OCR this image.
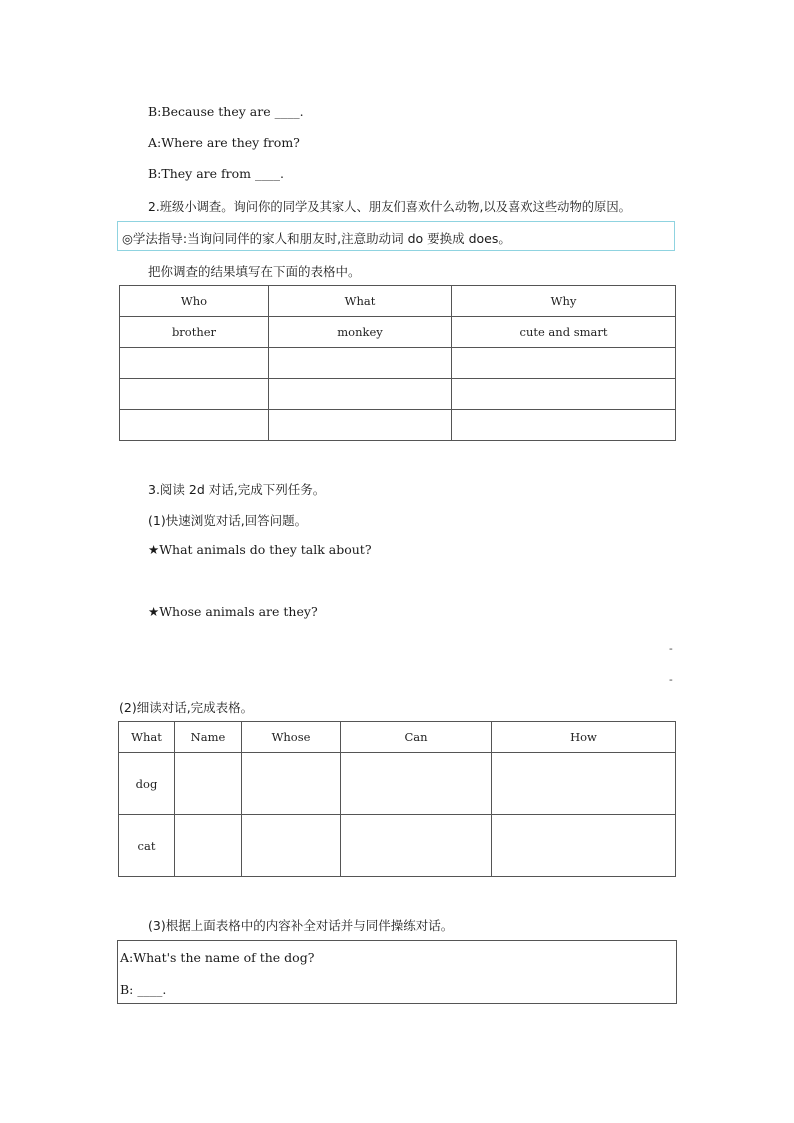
B:Because they are ____.
A:Where are they from?
B:They are from ____.
2.班级小调查。询问你的同学及其家人、朋友们喜欢什么动物,以及喜欢这些动物的原因。
◎学法指导:当询问同伴的家人和朋友时,注意助动词 do 要换成 does。
把你调查的结果填写在下面的表格中。
Who	What	Why
brother	monkey	cute and smart

3.阅读 2d 对话,完成下列任务。
(1)快速浏览对话,回答问题。
★What animals do they talk about?
★Whose animals are they?
-
-
(2)细读对话,完成表格。
What	Name	Whose	Can	How
dog				
cat				
(3)根据上面表格中的内容补全对话并与同伴操练对话。
A:What's the name of the dog?
B: ____.
